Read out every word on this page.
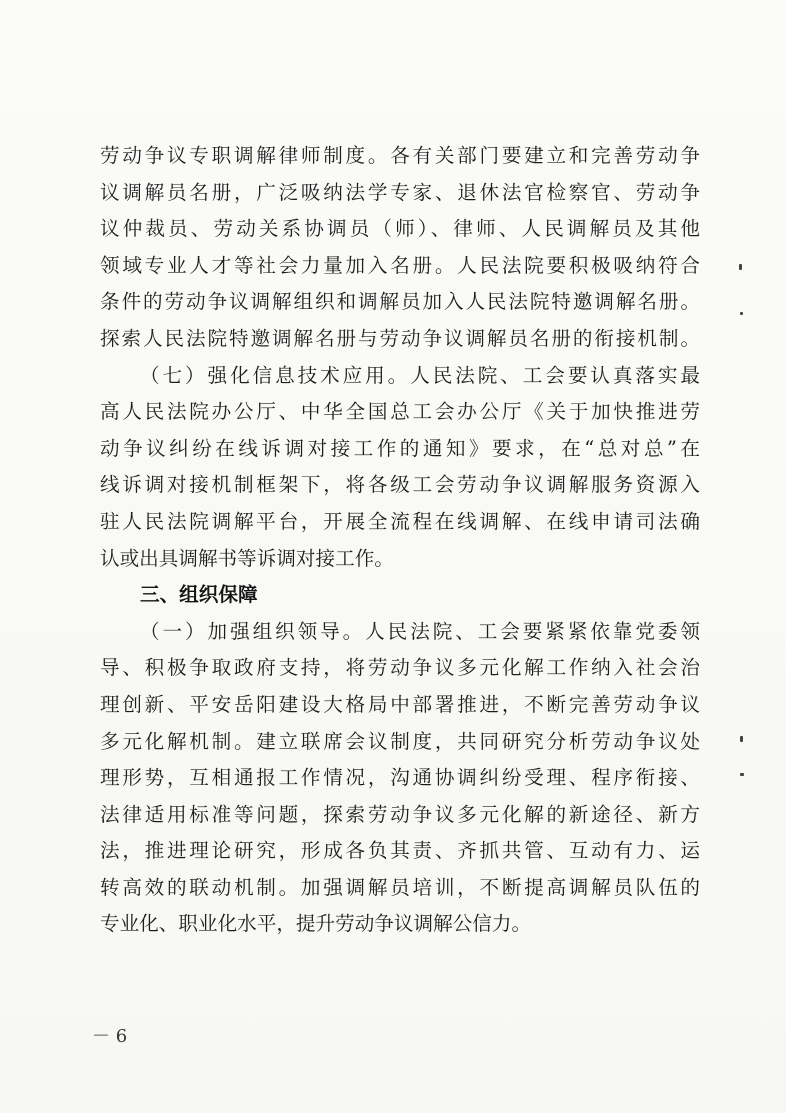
劳动争议专职调解律师制度。各有关部门要建立和完善劳动争
议调解员名册，广泛吸纳法学专家、退休法官检察官、劳动争
议仲裁员、劳动关系协调员（师）、律师、人民调解员及其他
领域专业人才等社会力量加入名册。人民法院要积极吸纳符合
条件的劳动争议调解组织和调解员加入人民法院特邀调解名册。
探索人民法院特邀调解名册与劳动争议调解员名册的衔接机制。
（七）强化信息技术应用。人民法院、工会要认真落实最
高人民法院办公厅、中华全国总工会办公厅《关于加快推进劳
动争议纠纷在线诉调对接工作的通知》要求，在“总对总”在
线诉调对接机制框架下，将各级工会劳动争议调解服务资源入
驻人民法院调解平台，开展全流程在线调解、在线申请司法确
认或出具调解书等诉调对接工作。
三、组织保障
（一）加强组织领导。人民法院、工会要紧紧依靠党委领
导、积极争取政府支持，将劳动争议多元化解工作纳入社会治
理创新、平安岳阳建设大格局中部署推进，不断完善劳动争议
多元化解机制。建立联席会议制度，共同研究分析劳动争议处
理形势，互相通报工作情况，沟通协调纠纷受理、程序衔接、
法律适用标准等问题，探索劳动争议多元化解的新途径、新方
法，推进理论研究，形成各负其责、齐抓共管、互动有力、运
转高效的联动机制。加强调解员培训，不断提高调解员队伍的
专业化、职业化水平，提升劳动争议调解公信力。
－ 6
